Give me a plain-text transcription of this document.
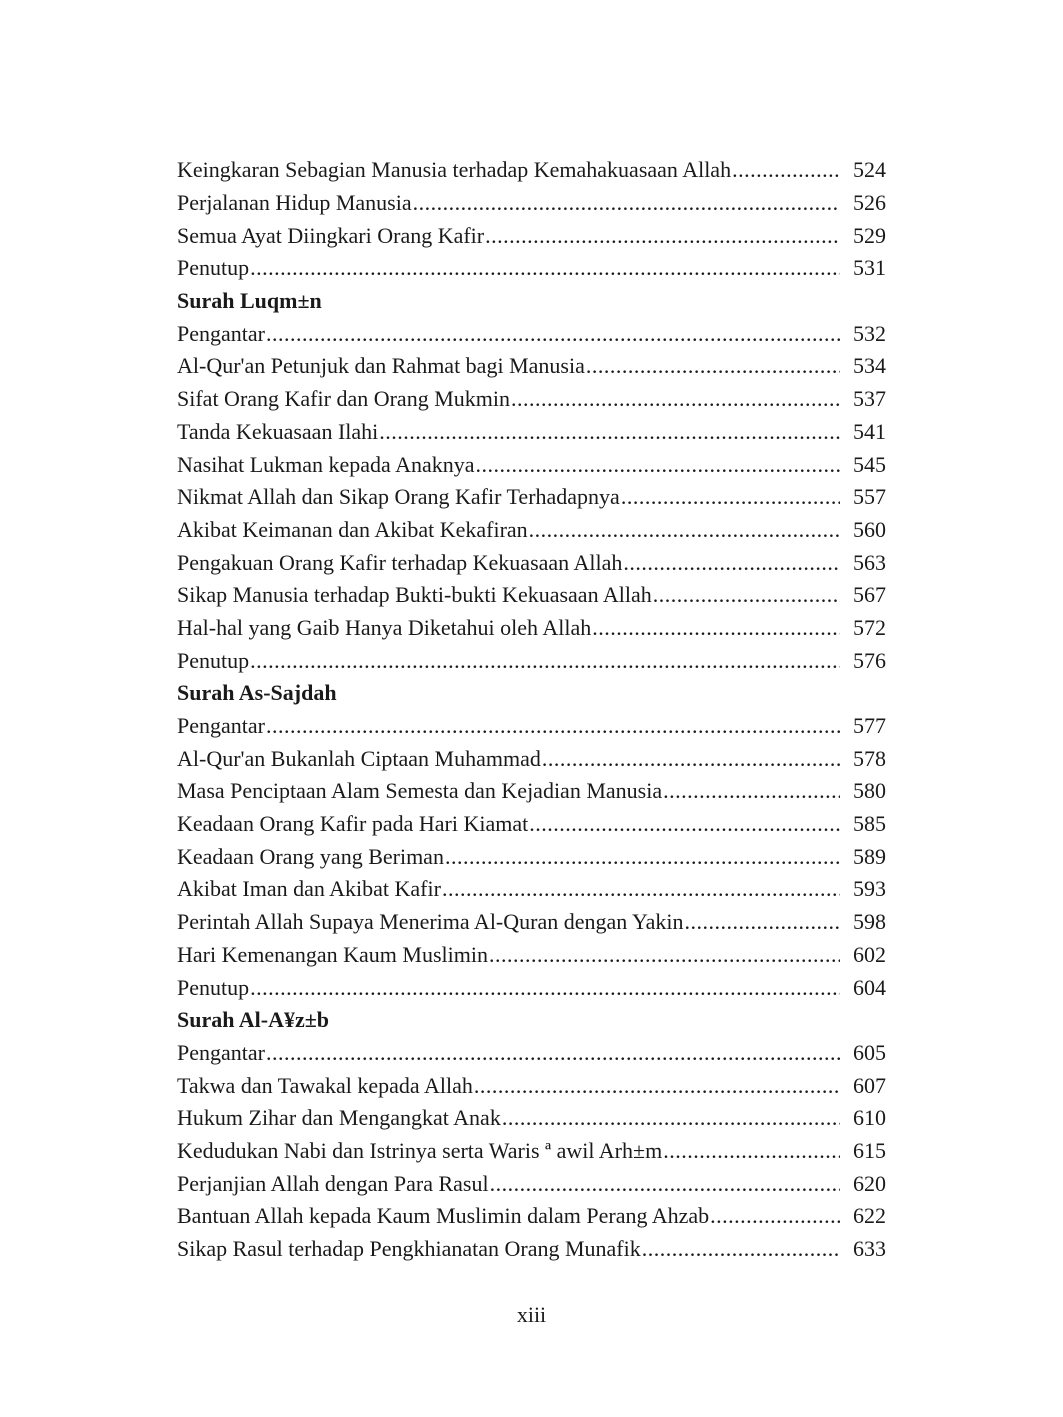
Keingkaran Sebagian Manusia terhadap Kemahakuasaan Allah .....	524
Perjalanan Hidup Manusia .....	526
Semua Ayat Diingkari Orang Kafir .....	529
Penutup .....	531
Surah Luqm±n
Pengantar .....	532
Al-Qur'an Petunjuk dan Rahmat bagi Manusia .....	534
Sifat Orang Kafir dan Orang Mukmin .....	537
Tanda Kekuasaan Ilahi .....	541
Nasihat Lukman kepada Anaknya .....	545
Nikmat Allah dan Sikap Orang Kafir Terhadapnya .....	557
Akibat Keimanan dan Akibat Kekafiran .....	560
Pengakuan Orang Kafir terhadap Kekuasaan Allah .....	563
Sikap Manusia terhadap Bukti-bukti Kekuasaan Allah .....	567
Hal-hal yang Gaib Hanya Diketahui oleh Allah .....	572
Penutup .....	576
Surah As-Sajdah
Pengantar .....	577
Al-Qur'an Bukanlah Ciptaan Muhammad .....	578
Masa Penciptaan Alam Semesta dan Kejadian Manusia .....	580
Keadaan Orang Kafir pada Hari Kiamat .....	585
Keadaan Orang yang Beriman .....	589
Akibat Iman dan Akibat Kafir .....	593
Perintah Allah Supaya Menerima Al-Quran dengan Yakin .....	598
Hari Kemenangan Kaum Muslimin .....	602
Penutup .....	604
Surah Al-A¥z±b
Pengantar .....	605
Takwa dan Tawakal kepada Allah .....	607
Hukum Zihar dan Mengangkat Anak .....	610
Kedudukan Nabi dan Istrinya serta Waris ª awil Arh±m .....	615
Perjanjian Allah dengan Para Rasul .....	620
Bantuan Allah kepada Kaum Muslimin dalam Perang Ahzab .....	622
Sikap Rasul terhadap Pengkhianatan Orang Munafik .....	633
xiii
